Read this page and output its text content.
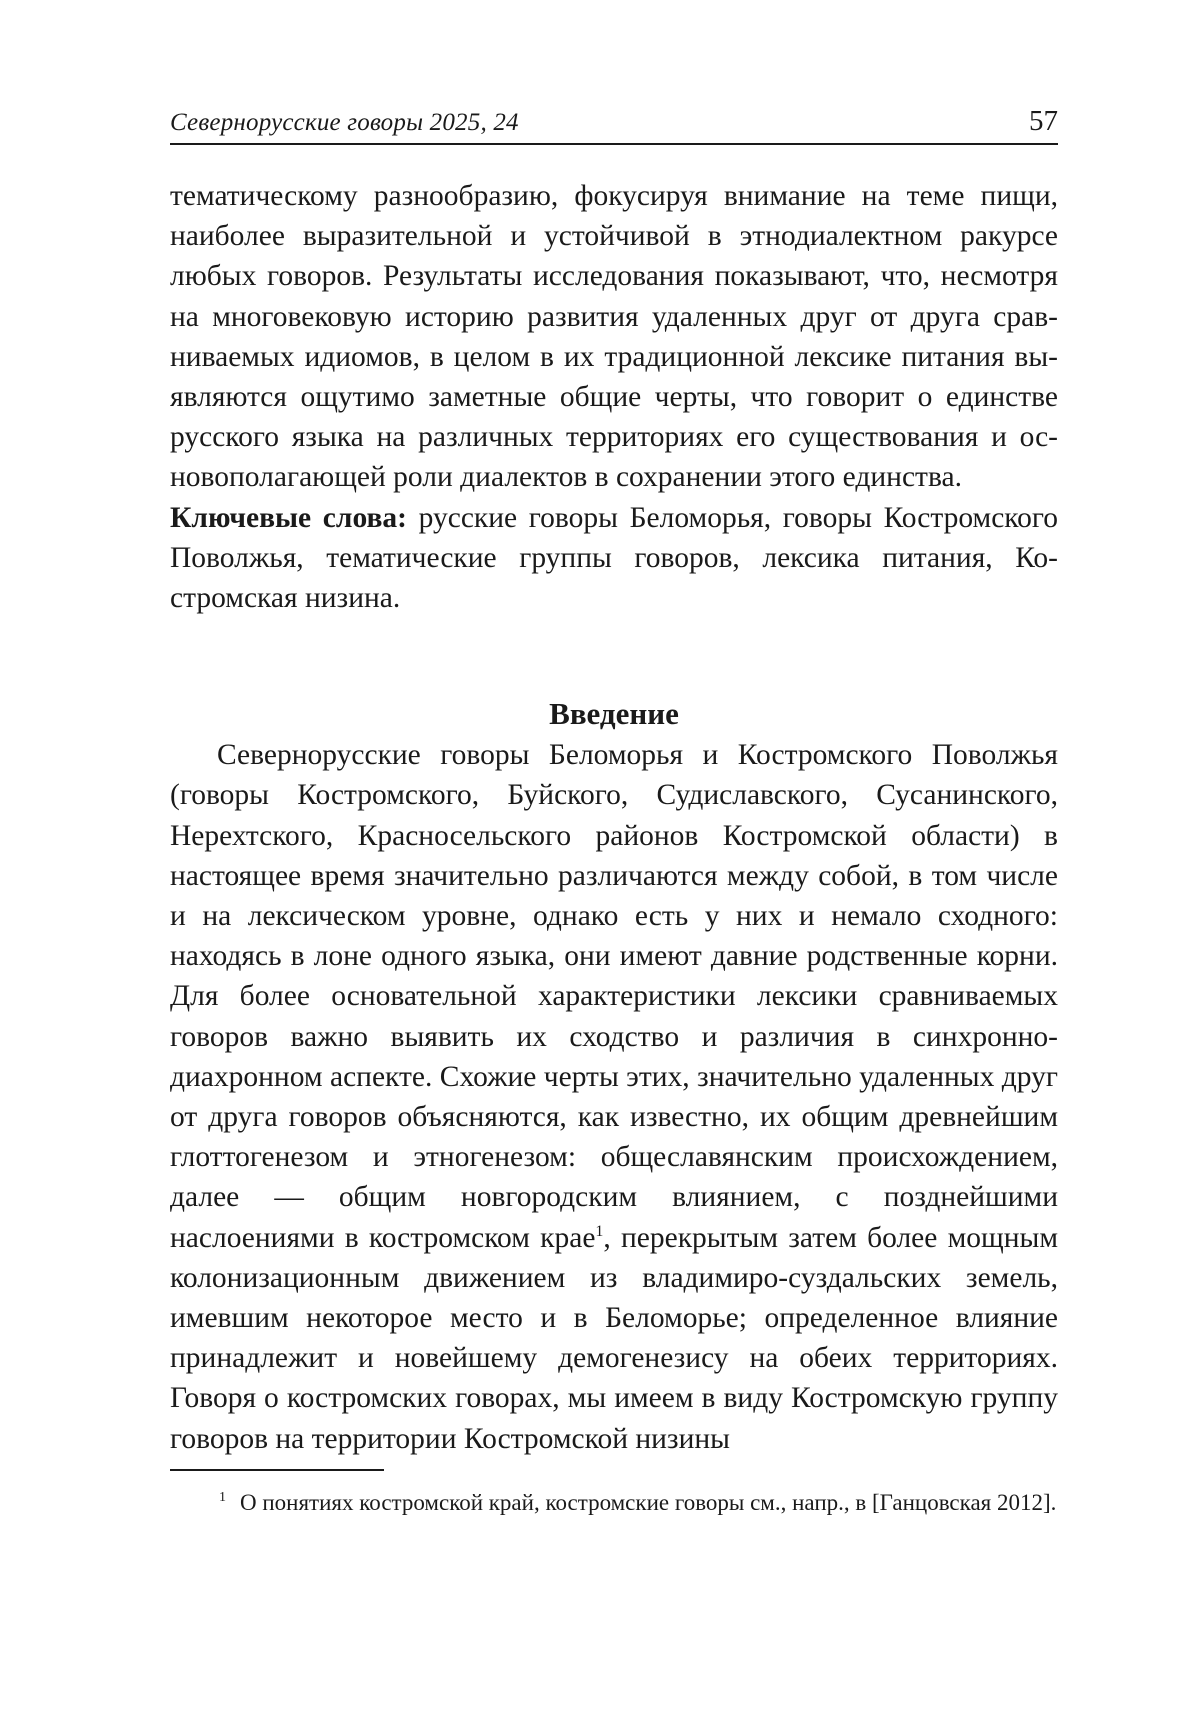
Севернорусские говоры 2025, 24	57

тематическому разнообразию, фокусируя внимание на теме пищи, наиболее выразительной и устойчивой в этнодиалектном ракурсе любых говоров. Результаты исследования показывают, что, несмотря на многовековую историю развития удаленных друг от друга сравниваемых идиомов, в целом в их традиционной лексике питания выявляются ощутимо заметные общие черты, что говорит о единстве русского языка на различных территориях его существования и основополагающей роли диалектов в сохранении этого единства.

Ключевые слова: русские говоры Беломорья, говоры Костромского Поволжья, тематические группы говоров, лексика питания, Костромская низина.

Введение

Севернорусские говоры Беломорья и Костромского Поволжья (говоры Костромского, Буйского, Судиславского, Сусанинского, Нерехтского, Красносельского районов Костромской области) в настоящее время значительно различаются между собой, в том числе и на лексическом уровне, однако есть у них и немало сходного: находясь в лоне одного языка, они имеют давние родственные корни. Для более основательной характеристики лексики сравниваемых говоров важно выявить их сходство и различия в синхронно-диахронном аспекте. Схожие черты этих, значительно удаленных друг от друга говоров объясняются, как известно, их общим древнейшим глоттогенезом и этногенезом: общеславянским происхождением, далее — общим новгородским влиянием, с позднейшими наслоениями в костромском крае$^1$, перекрытым затем более мощным колонизационным движением из владимиро-суздальских земель, имевшим некоторое место и в Беломорье; определенное влияние принадлежит и новейшему демогенезису на обеих территориях. Говоря о костромских говорах, мы имеем в виду Костромскую группу говоров на территории Костромской низины

$^1$ О понятиях костромской край, костромские говоры см., напр., в [Ганцовская 2012].
